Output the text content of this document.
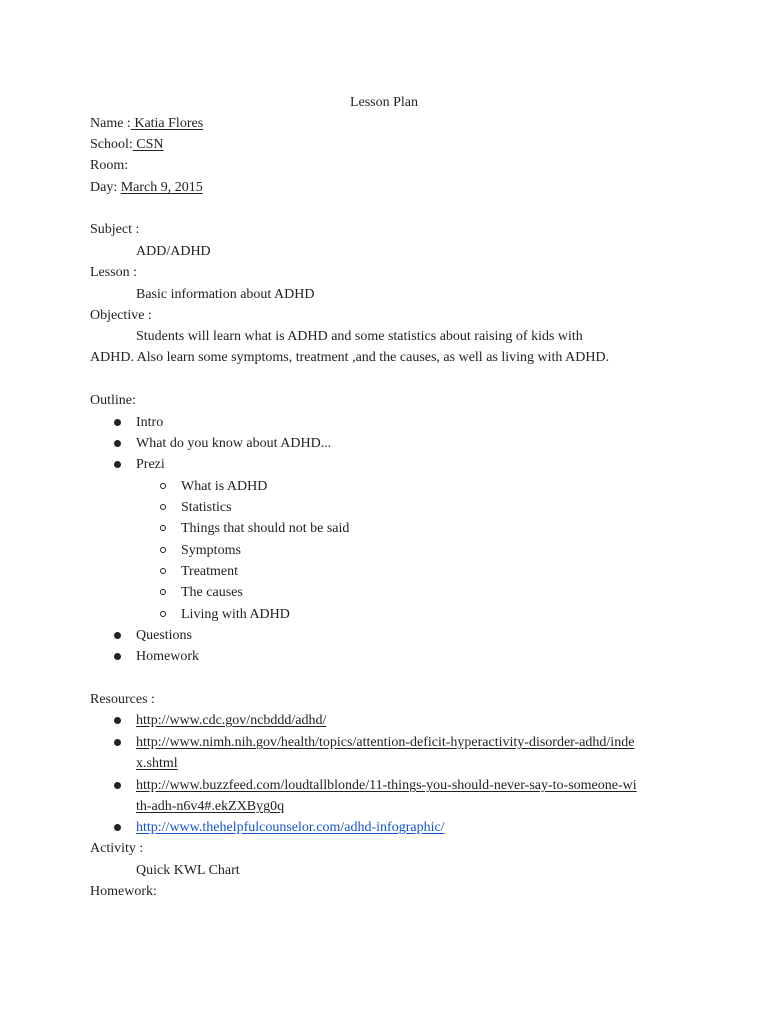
Lesson Plan
Name : Katia Flores
School: CSN
Room:
Day: March 9, 2015
Subject :
ADD/ADHD
Lesson :
Basic information about ADHD
Objective :
Students will learn what is ADHD and some statistics about raising of kids with
ADHD. Also learn some symptoms, treatment ,and the causes, as well as living with ADHD.
Outline:
Intro
What do you know about ADHD...
Prezi
What is ADHD
Statistics
Things that should not be said
Symptoms
Treatment
The causes
Living with ADHD
Questions
Homework
Resources :
http://www.cdc.gov/ncbddd/adhd/
http://www.nimh.nih.gov/health/topics/attention-deficit-hyperactivity-disorder-adhd/inde
x.shtml
http://www.buzzfeed.com/loudtallblonde/11-things-you-should-never-say-to-someone-wi
th-adh-n6v4#.ekZXByg0q
http://www.thehelpfulcounselor.com/adhd-infographic/
Activity :
Quick KWL Chart
Homework:
